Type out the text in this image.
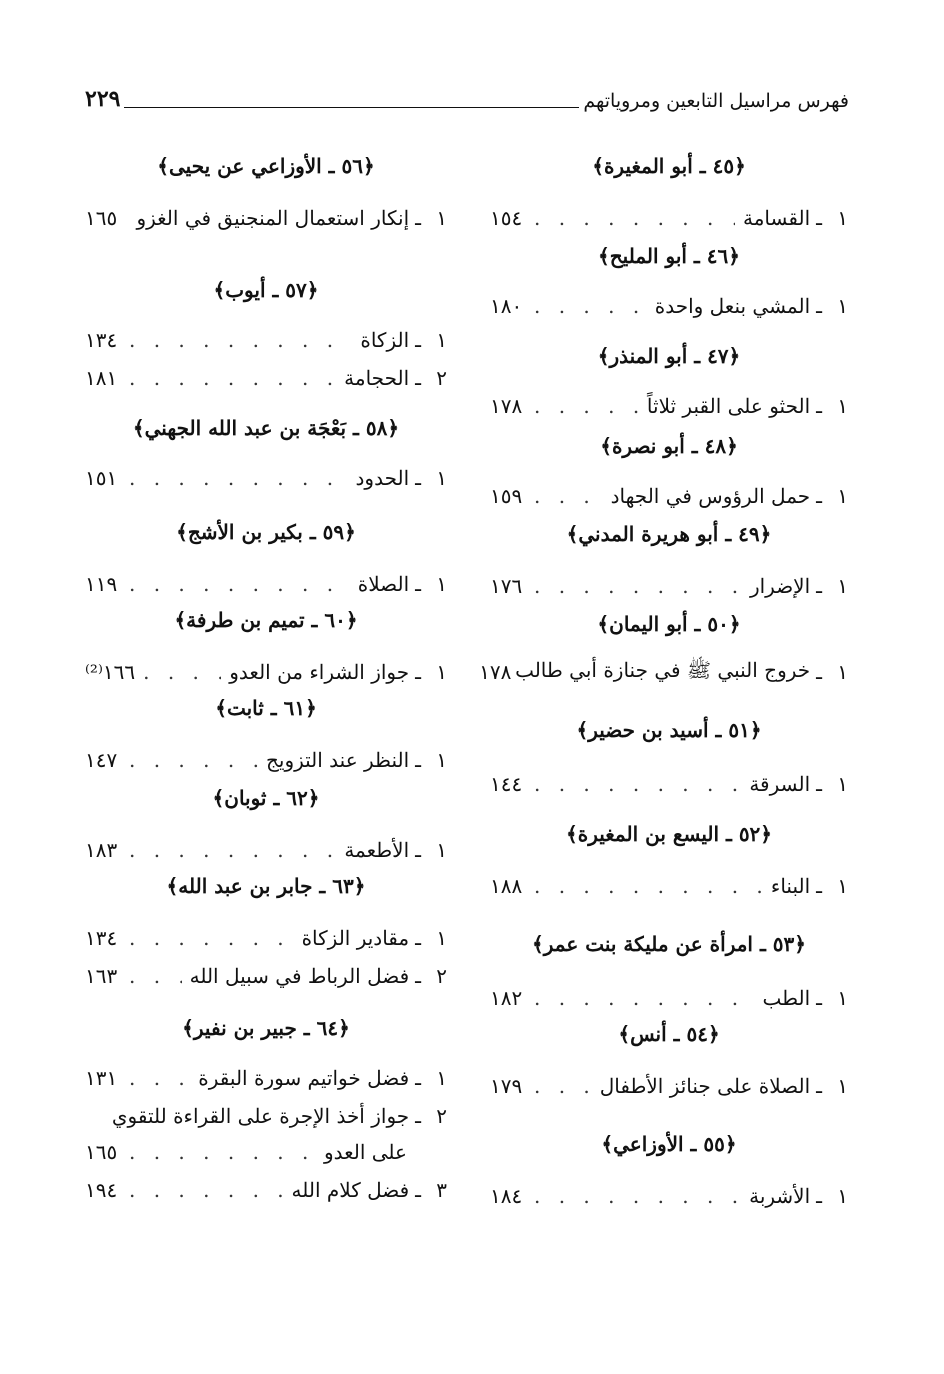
فهرس مراسيل التابعين ومروياتهم
٢٢٩
﴿٤٥ ـ أبو المغيرة﴾
١
ـ
القسامة
. . .
١٥٤
﴿٤٦ ـ أبو المليح﴾
١
ـ
المشي بنعل واحدة
. . .
١٨٠
﴿٤٧ ـ أبو المنذر﴾
١
ـ
الحثو على القبر ثلاثاً
. . .
١٧٨
﴿٤٨ ـ أبو نصرة﴾
١
ـ
حمل الرؤوس في الجهاد
. . .
١٥٩
﴿٤٩ ـ أبو هريرة المدني﴾
١
ـ
الإضرار
. . .
١٧٦
﴿٥٠ ـ أبو اليمان﴾
١
ـ
خروج النبي ﷺ في جنازة أبي طالب
١٧٨
﴿٥١ ـ أسيد بن حضير﴾
١
ـ
السرقة
. . .
١٤٤
﴿٥٢ ـ اليسع بن المغيرة﴾
١
ـ
البناء
. . .
١٨٨
﴿٥٣ ـ امرأة عن مليكة بنت عمر﴾
١
ـ
الطب
. . .
١٨٢
﴿٥٤ ـ أنس﴾
١
ـ
الصلاة على جنائز الأطفال
. . .
١٧٩
﴿٥٥ ـ الأوزاعي﴾
١
ـ
الأشربة
. . .
١٨٤
﴿٥٦ ـ الأوزاعي عن يحيى﴾
١
ـ
إنكار استعمال المنجنيق في الغزو
١٦٥
﴿٥٧ ـ أيوب﴾
١
ـ
الزكاة
. . .
١٣٤
٢
ـ
الحجامة
. . .
١٨١
﴿٥٨ ـ بَعْجَة بن عبد الله الجهني﴾
١
ـ
الحدود
. . .
١٥١
﴿٥٩ ـ بكير بن الأشج﴾
١
ـ
الصلاة
. . .
١١٩
﴿٦٠ ـ تميم بن طرفة﴾
١
ـ
جواز الشراء من العدو
. . .
١٦٦⁽²⁾
﴿٦١ ـ ثابت﴾
١
ـ
النظر عند التزويج
. . .
١٤٧
﴿٦٢ ـ ثوبان﴾
١
ـ
الأطعمة
. . .
١٨٣
﴿٦٣ ـ جابر بن عبد الله﴾
١
ـ
مقادير الزكاة
. . .
١٣٤
٢
ـ
فضل الرباط في سبيل الله
. . .
١٦٣
﴿٦٤ ـ جبير بن نفير﴾
١
ـ
فضل خواتيم سورة البقرة
. . .
١٣١
٢
ـ
جواز أخذ الإجرة على القراءة للتقوي
على العدو
. . .
١٦٥
٣
ـ
فضل كلام الله
. . .
١٩٤
